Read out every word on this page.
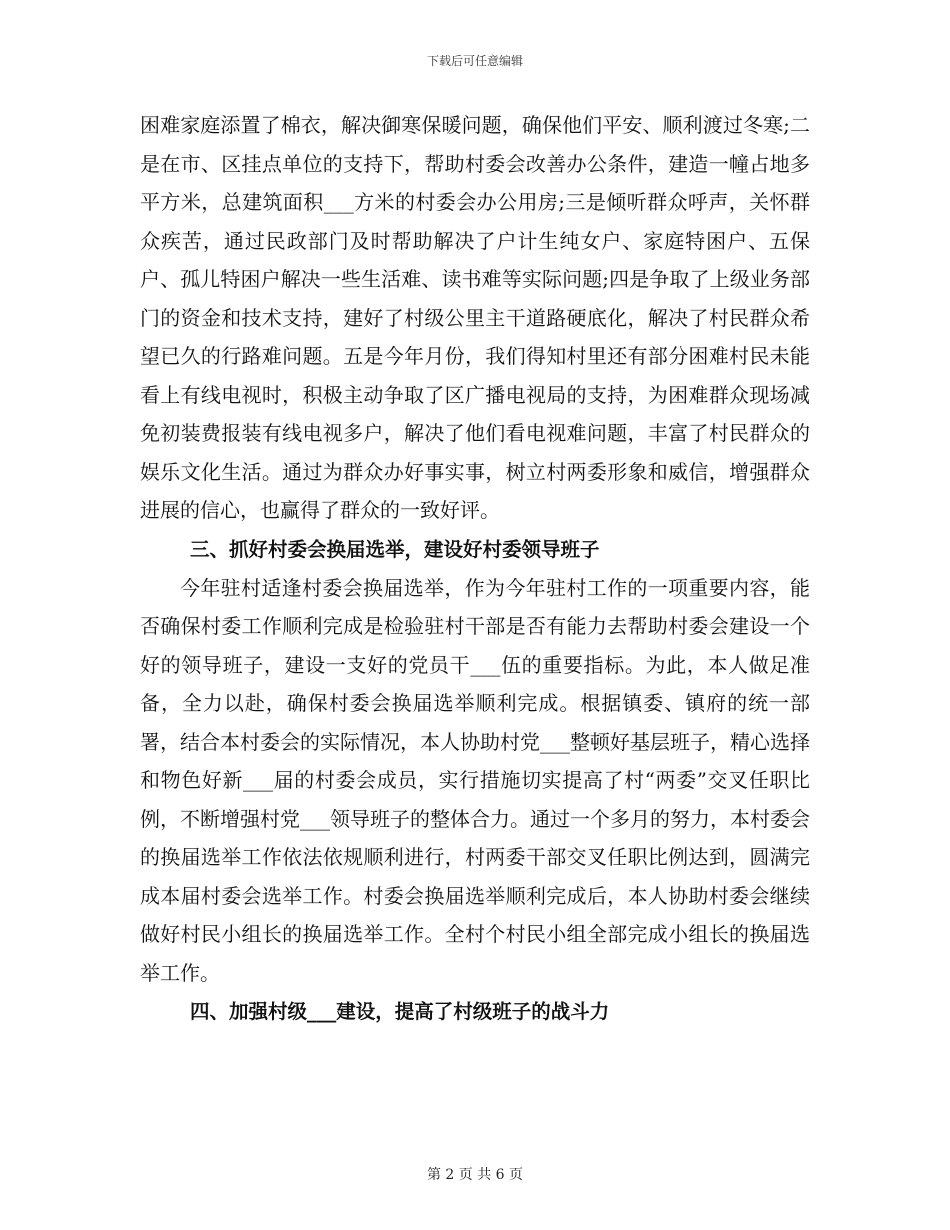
下载后可任意编辑

困难家庭添置了棉衣，解决御寒保暖问题，确保他们平安、顺利渡过冬寒;二是在市、区挂点单位的支持下，帮助村委会改善办公条件，建造一幢占地多平方米，总建筑面积___方米的村委会办公用房;三是倾听群众呼声，关怀群众疾苦，通过民政部门及时帮助解决了户计生纯女户、家庭特困户、五保户、孤儿特困户解决一些生活难、读书难等实际问题;四是争取了上级业务部门的资金和技术支持，建好了村级公里主干道路硬底化，解决了村民群众希望已久的行路难问题。五是今年月份，我们得知村里还有部分困难村民未能看上有线电视时，积极主动争取了区广播电视局的支持，为困难群众现场减免初装费报装有线电视多户，解决了他们看电视难问题，丰富了村民群众的娱乐文化生活。通过为群众办好事实事，树立村两委形象和威信，增强群众进展的信心，也赢得了群众的一致好评。

三、抓好村委会换届选举，建设好村委领导班子

今年驻村适逢村委会换届选举，作为今年驻村工作的一项重要内容，能否确保村委工作顺利完成是检验驻村干部是否有能力去帮助村委会建设一个好的领导班子，建设一支好的党员干___伍的重要指标。为此，本人做足准备，全力以赴，确保村委会换届选举顺利完成。根据镇委、镇府的统一部署，结合本村委会的实际情况，本人协助村党___整顿好基层班子，精心选择和物色好新___届的村委会成员，实行措施切实提高了村“两委”交叉任职比例，不断增强村党___领导班子的整体合力。通过一个多月的努力，本村委会的换届选举工作依法依规顺利进行，村两委干部交叉任职比例达到，圆满完成本届村委会选举工作。村委会换届选举顺利完成后，本人协助村委会继续做好村民小组长的换届选举工作。全村个村民小组全部完成小组长的换届选举工作。

四、加强村级___建设，提高了村级班子的战斗力

第 2 页 共 6 页
